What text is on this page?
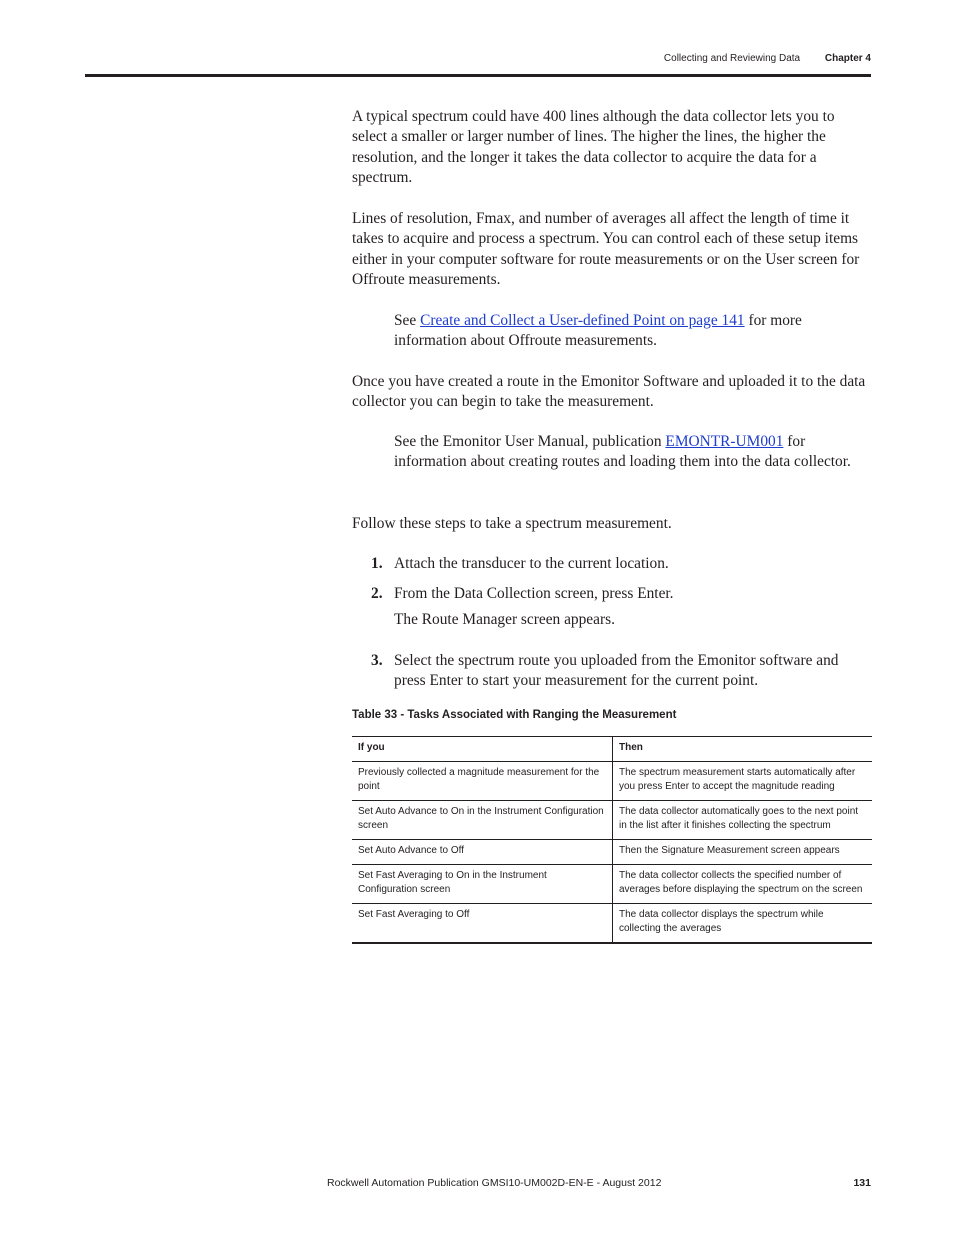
Collecting and Reviewing Data Chapter 4

A typical spectrum could have 400 lines although the data collector lets you to select a smaller or larger number of lines. The higher the lines, the higher the resolution, and the longer it takes the data collector to acquire the data for a spectrum.

Lines of resolution, Fmax, and number of averages all affect the length of time it takes to acquire and process a spectrum. You can control each of these setup items either in your computer software for route measurements or on the User screen for Offroute measurements.

See Create and Collect a User-defined Point on page 141 for more information about Offroute measurements.

Once you have created a route in the Emonitor Software and uploaded it to the data collector you can begin to take the measurement.

See the Emonitor User Manual, publication EMONTR-UM001 for information about creating routes and loading them into the data collector.

Follow these steps to take a spectrum measurement.

1. Attach the transducer to the current location.
2. From the Data Collection screen, press Enter.
The Route Manager screen appears.
3. Select the spectrum route you uploaded from the Emonitor software and press Enter to start your measurement for the current point.
Table 33 - Tasks Associated with Ranging the Measurement
If you	Then
Previously collected a magnitude measurement for the point	The spectrum measurement starts automatically after you press Enter to accept the magnitude reading
Set Auto Advance to On in the Instrument Configuration screen	The data collector automatically goes to the next point in the list after it finishes collecting the spectrum
Set Auto Advance to Off	Then the Signature Measurement screen appears
Set Fast Averaging to On in the Instrument Configuration screen	The data collector collects the specified number of averages before displaying the spectrum on the screen
Set Fast Averaging to Off	The data collector displays the spectrum while collecting the averages
Rockwell Automation Publication GMSI10-UM002D-EN-E - August 2012	131
